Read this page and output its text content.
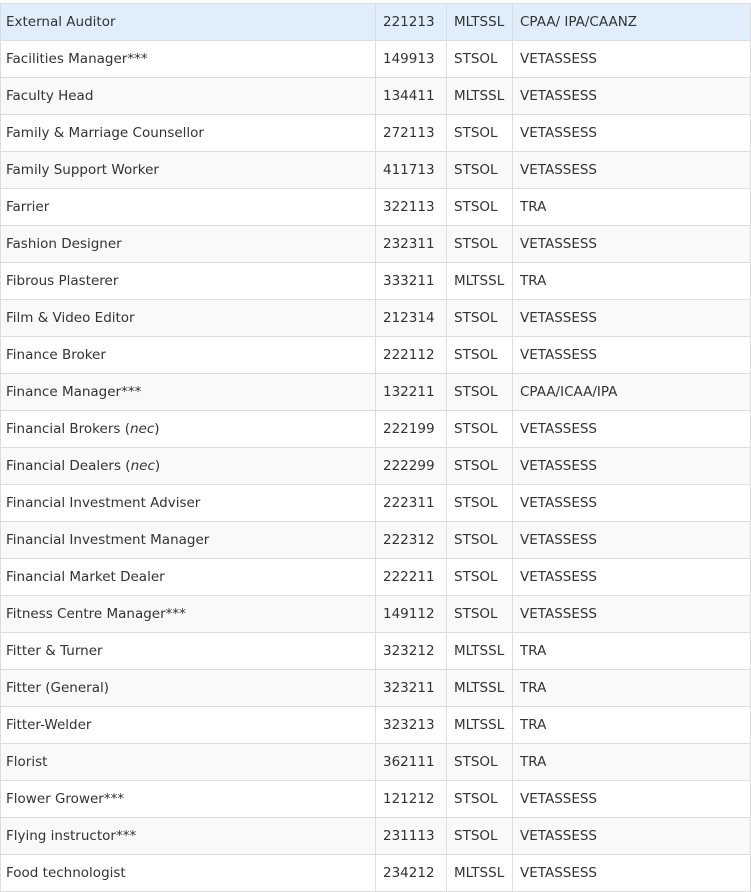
External Auditor	221213	MLTSSL	CPAA/ IPA/CAANZ
Facilities Manager***	149913	STSOL	VETASSESS
Faculty Head	134411	MLTSSL	VETASSESS
Family & Marriage Counsellor	272113	STSOL	VETASSESS
Family Support Worker	411713	STSOL	VETASSESS
Farrier	322113	STSOL	TRA
Fashion Designer	232311	STSOL	VETASSESS
Fibrous Plasterer	333211	MLTSSL	TRA
Film & Video Editor	212314	STSOL	VETASSESS
Finance Broker	222112	STSOL	VETASSESS
Finance Manager***	132211	STSOL	CPAA/ICAA/IPA
Financial Brokers (nec)	222199	STSOL	VETASSESS
Financial Dealers (nec)	222299	STSOL	VETASSESS
Financial Investment Adviser	222311	STSOL	VETASSESS
Financial Investment Manager	222312	STSOL	VETASSESS
Financial Market Dealer	222211	STSOL	VETASSESS
Fitness Centre Manager***	149112	STSOL	VETASSESS
Fitter & Turner	323212	MLTSSL	TRA
Fitter (General)	323211	MLTSSL	TRA
Fitter-Welder	323213	MLTSSL	TRA
Florist	362111	STSOL	TRA
Flower Grower***	121212	STSOL	VETASSESS
Flying instructor***	231113	STSOL	VETASSESS
Food technologist	234212	MLTSSL	VETASSESS
